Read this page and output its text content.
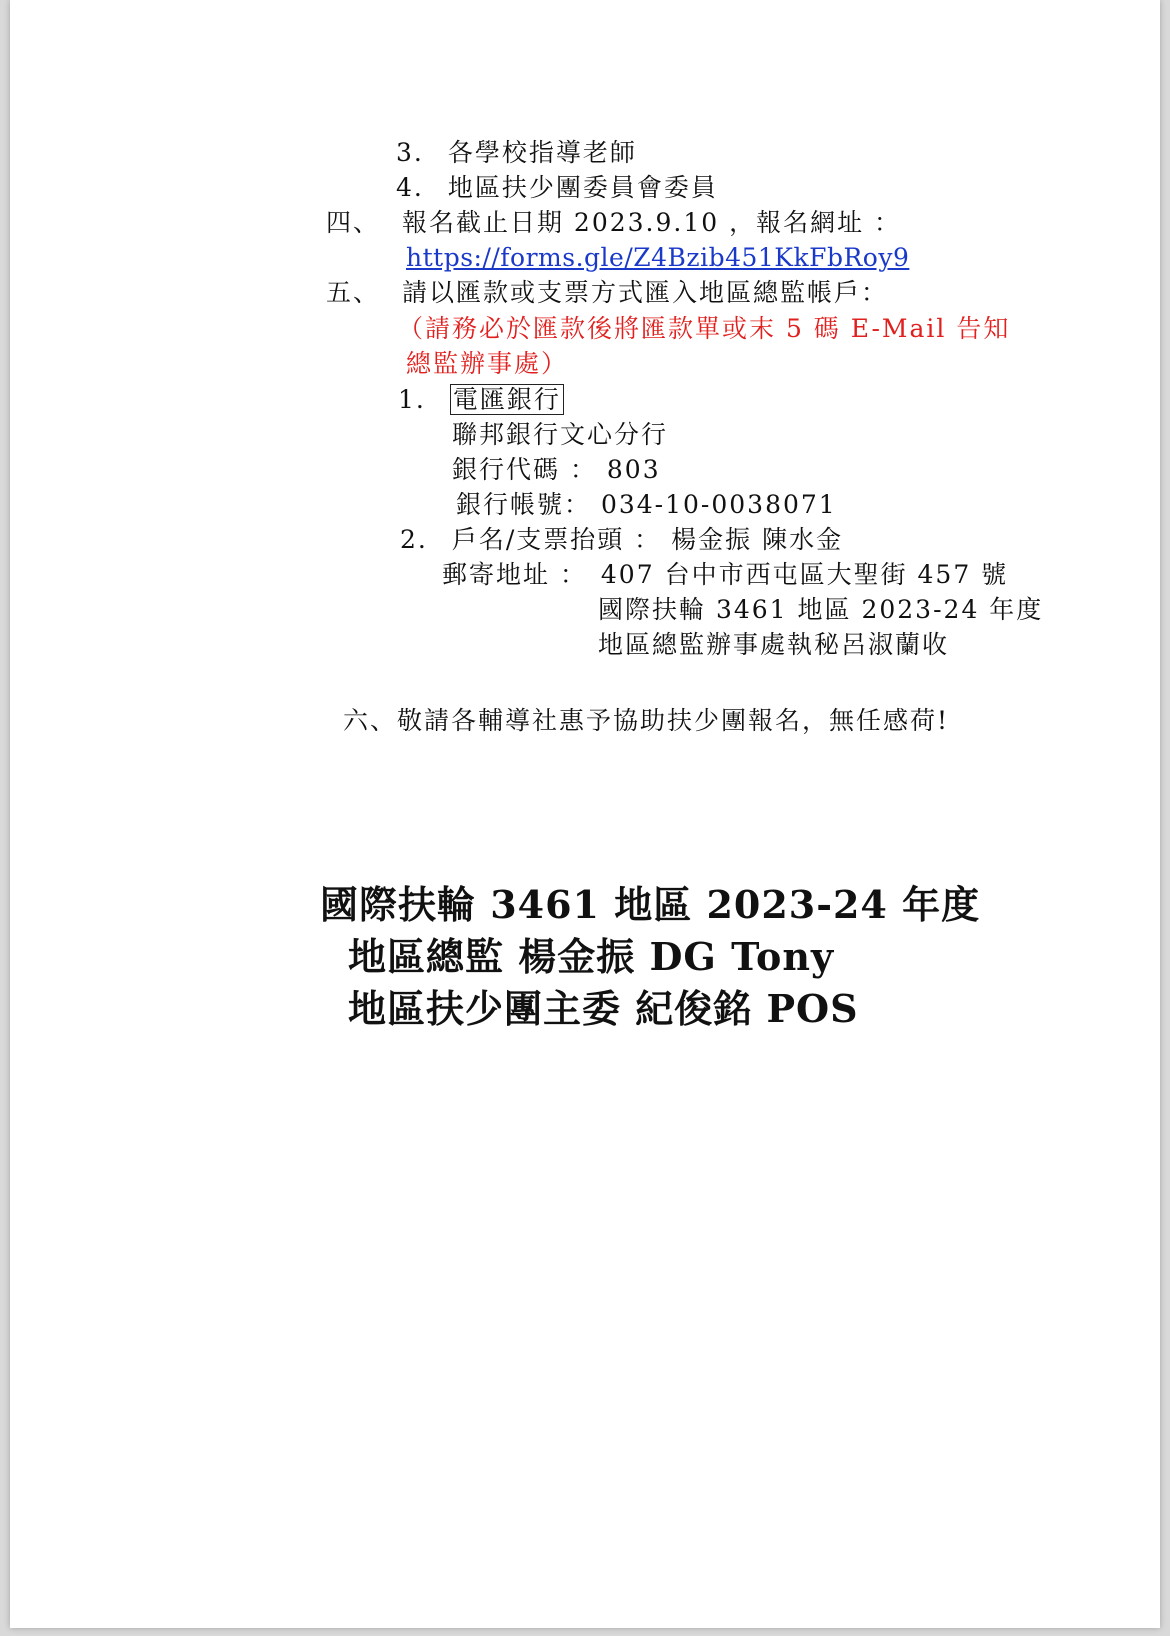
3. 各學校指導老師
4. 地區扶少團委員會委員
四、 報名截止日期 2023.9.10 ，報名網址 ：
https://forms.gle/Z4Bzib451KkFbRoy9
五、 請以匯款或支票方式匯入地區總監帳戶：
（請務必於匯款後將匯款單或末 5 碼 E-Mail 告知
總監辦事處）
1. 電匯銀行
聯邦銀行文心分行
銀行代碼 ： 803
銀行帳號： 034-10-0038071
2. 戶名/支票抬頭 ： 楊金振 陳水金
郵寄地址 ： 407 台中市西屯區大聖街 457 號
國際扶輪 3461 地區 2023-24 年度
地區總監辦事處執秘呂淑蘭收
六、敬請各輔導社惠予協助扶少團報名，無任感荷!
國際扶輪 3461 地區 2023-24 年度
地區總監 楊金振 DG Tony
地區扶少團主委 紀俊銘 POS
